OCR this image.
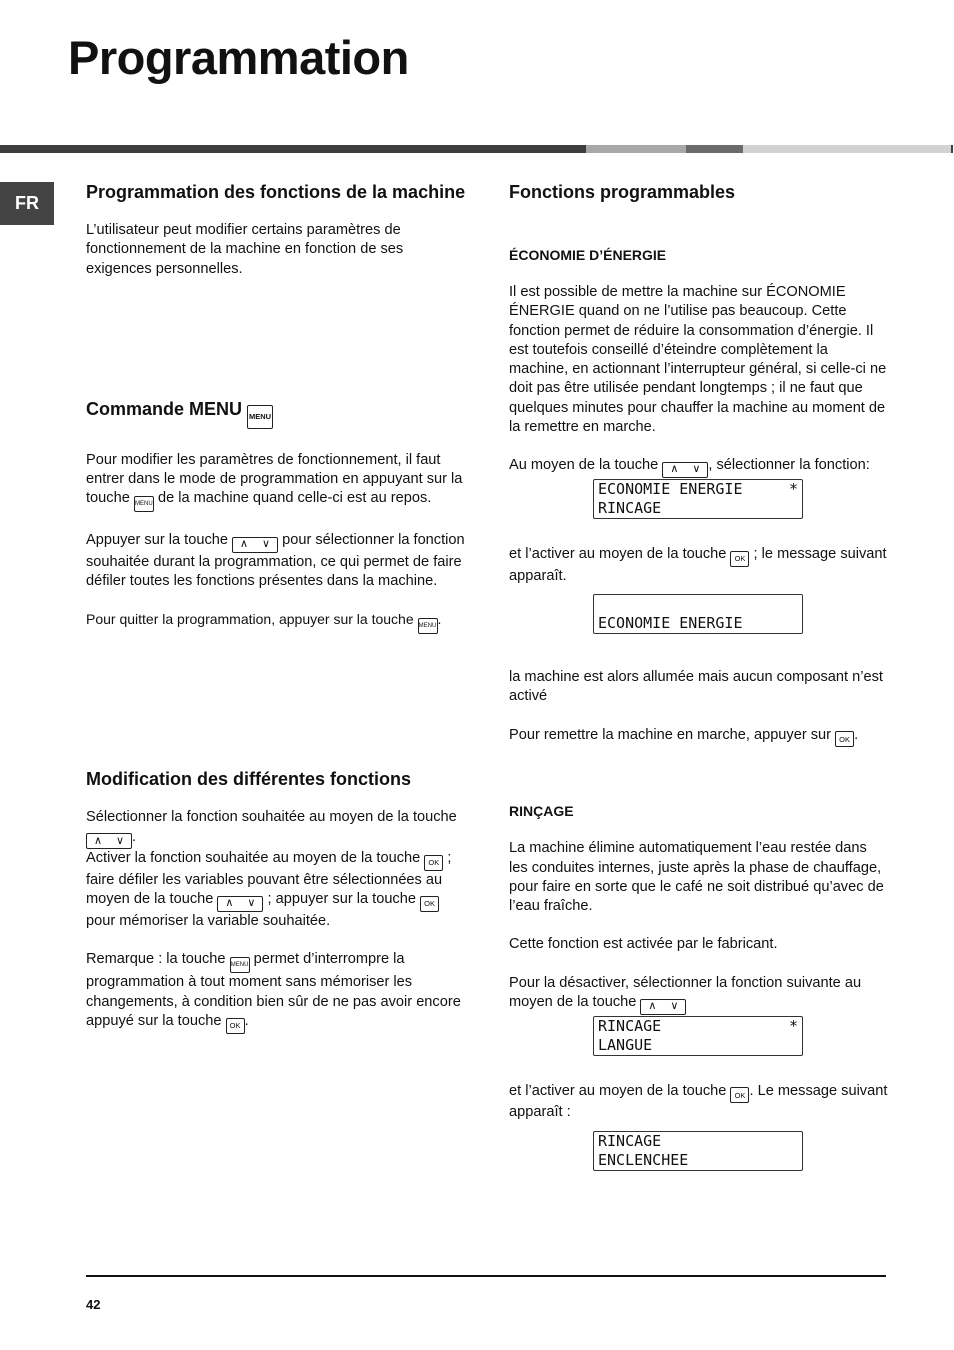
Programmation
FR
Programmation des fonctions de la machine

L’utilisateur peut modifier certains paramètres de fonctionnement de la machine en fonction de ses exigences personnelles.

Commande MENU MENU

Pour modifier les paramètres de fonctionnement, il faut entrer dans le mode de programmation en appuyant sur la touche MENU de la machine quand celle-ci est au repos.

Appuyer sur la touche ∧ ∨ pour sélectionner la fonction souhaitée durant la programmation, ce qui permet de faire défiler toutes les fonctions présentes dans la machine.

Pour quitter la programmation, appuyer sur la touche MENU.

Modification des différentes fonctions

Sélectionner la fonction souhaitée au moyen de la touche
∧ ∨ .
Activer la fonction souhaitée au moyen de la touche OK ; faire défiler les variables pouvant être sélectionnées au moyen de la touche ∧ ∨ ; appuyer sur la touche OK pour mémoriser la variable souhaitée.

Remarque : la touche MENU permet d’interrompre la programmation à tout moment sans mémoriser les changements, à condition bien sûr de ne pas avoir encore appuyé sur la touche OK .

Fonctions programmables
ÉCONOMIE D’ÉNERGIE

Il est possible de mettre la machine sur ÉCONOMIE ÉNERGIE quand on ne l’utilise pas beaucoup. Cette fonction permet de réduire la consommation d’énergie. Il est toutefois conseillé d’éteindre complètement la machine, en actionnant l’interrupteur général, si celle-ci ne doit pas être utilisée pendant longtemps ; il ne faut que quelques minutes pour chauffer la machine au moment de la remettre en marche.

Au moyen de la touche ∧ ∨ , sélectionner la fonction:

ECONOMIE ENERGIE
RINCAGE
*

et l’activer au moyen de la touche OK ; le message suivant apparaît.

ECONOMIE ENERGIE

la machine est alors allumée mais aucun composant n’est activé

Pour remettre la machine en marche, appuyer sur OK .

RINÇAGE

La machine élimine automatiquement l’eau restée dans les conduites internes, juste après la phase de chauffage, pour faire en sorte que le café ne soit distribué qu’avec de l’eau fraîche.

Cette fonction est activée par le fabricant.

Pour la désactiver, sélectionner la fonction suivante au moyen de la touche ∧ ∨

RINCAGE
LANGUE
*

et l’activer au moyen de la touche OK . Le message suivant apparaît :

RINCAGE
ENCLENCHEE
42
